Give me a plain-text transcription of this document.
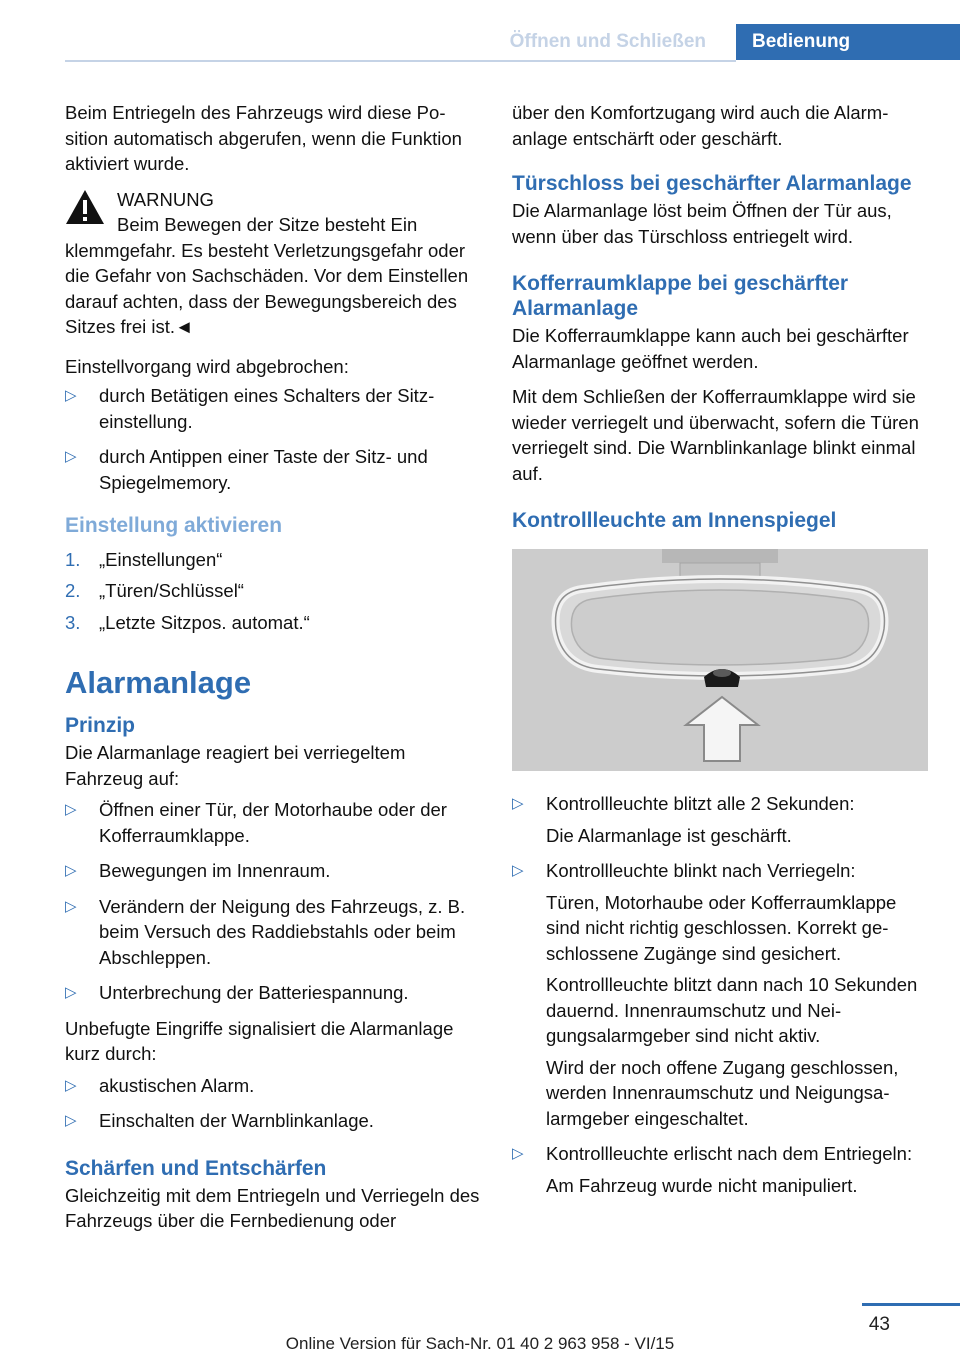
Öffnen und Schließen	Bedienung

Beim Entriegeln des Fahrzeugs wird diese Position automatisch abgerufen, wenn die Funktion aktiviert wurde.

WARNUNG
Beim Bewegen der Sitze besteht Ein
klemmgefahr. Es besteht Verletzungsgefahr oder die Gefahr von Sachschäden. Vor dem Einstellen darauf achten, dass der Bewegungsbereich des Sitzes frei ist.◄

Einstellvorgang wird abgebrochen:

▷ durch Betätigen eines Schalters der Sitzeinstellung.
▷ durch Antippen einer Taste der Sitz- und Spiegelmemory.
Einstellung aktivieren
1. „Einstellungen“
2. „Türen/Schlüssel“
3. „Letzte Sitzpos. automat.“
Alarmanlage
Prinzip

Die Alarmanlage reagiert bei verriegeltem Fahrzeug auf:

▷ Öffnen einer Tür, der Motorhaube oder der Kofferraumklappe.
▷ Bewegungen im Innenraum.
▷ Verändern der Neigung des Fahrzeugs, z. B. beim Versuch des Raddiebstahls oder beim Abschleppen.
▷ Unterbrechung der Batteriespannung.

Unbefugte Eingriffe signalisiert die Alarmanlage kurz durch:

▷ akustischen Alarm.
▷ Einschalten der Warnblinkanlage.
Schärfen und Entschärfen

Gleichzeitig mit dem Entriegeln und Verriegeln des Fahrzeugs über die Fernbedienung oder

über den Komfortzugang wird auch die Alarmanlage entschärft oder geschärft.

Türschloss bei geschärfter Alarmanlage

Die Alarmanlage löst beim Öffnen der Tür aus, wenn über das Türschloss entriegelt wird.

Kofferraumklappe bei geschärfter Alarmanlage

Die Kofferraumklappe kann auch bei geschärfter Alarmanlage geöffnet werden.

Mit dem Schließen der Kofferraumklappe wird sie wieder verriegelt und überwacht, sofern die Türen verriegelt sind. Die Warnblinkanlage blinkt einmal auf.

Kontrollleuchte am Innenspiegel
▷ Kontrollleuchte blitzt alle 2 Sekunden:
Die Alarmanlage ist geschärft.
▷ Kontrollleuchte blinkt nach Verriegeln:
Türen, Motorhaube oder Kofferraumklappe sind nicht richtig geschlossen. Korrekt geschlossene Zugänge sind gesichert.
Kontrollleuchte blitzt dann nach 10 Sekunden dauernd. Innenraumschutz und Neigungsalarmgeber sind nicht aktiv.
Wird der noch offene Zugang geschlossen, werden Innenraumschutz und Neigungsalarmgeber eingeschaltet.
▷ Kontrollleuchte erlischt nach dem Entriegeln:
Am Fahrzeug wurde nicht manipuliert.
43
Online Version für Sach-Nr. 01 40 2 963 958 - VI/15
